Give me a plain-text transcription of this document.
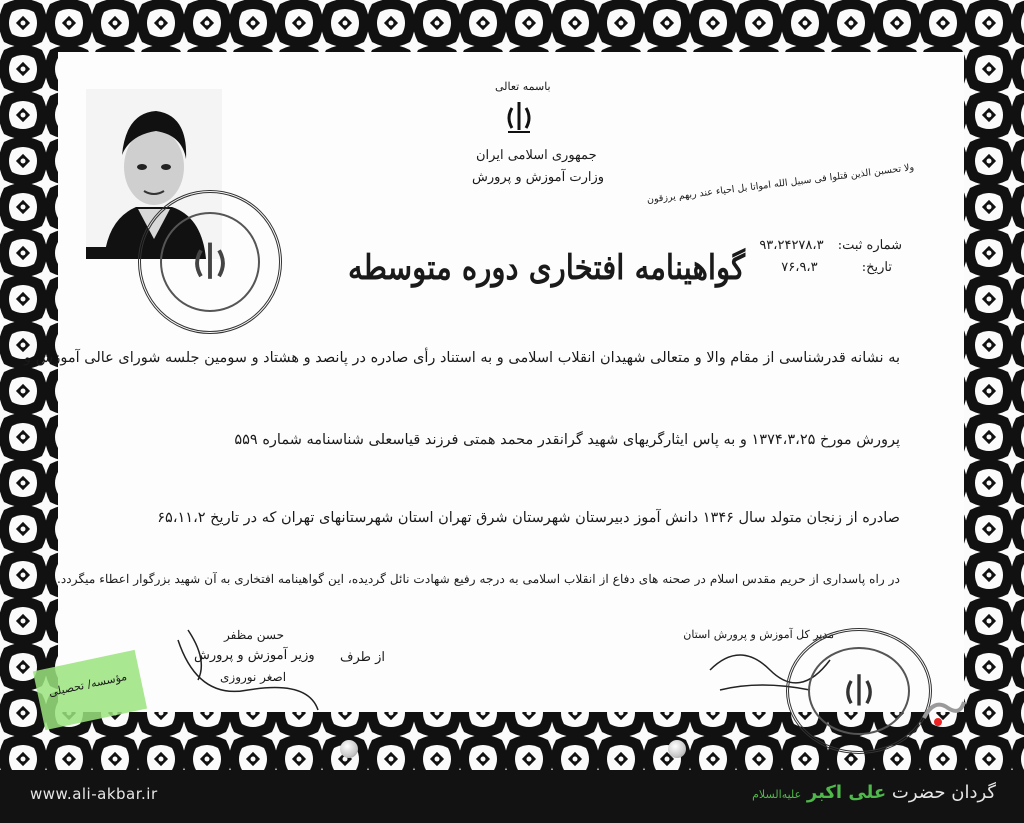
باسمه تعالی
جمهوری اسلامی ایران
وزارت آموزش و پرورش	ولا تحسبن الذین قتلوا فی سبیل الله امواتا بل احیاء عند ربهم یرزقون
شماره ثبت: ۹۳،۲۴۲۷۸،۳
تاریخ: ۷۶،۹،۳
گواهینامه افتخاری دوره متوسطه
به نشانه قدرشناسی از مقام والا و متعالی شهیدان انقلاب اسلامی و به استناد رأی صادره در پانصد و هشتاد و سومین جلسه شورای عالی آموزش و
پرورش مورخ ۱۳۷۴،۳،۲۵ و به پاس ایثارگریهای شهید گرانقدر محمد همتی فرزند قیاسعلی شناسنامه شماره ۵۵۹
صادره از زنجان متولد سال ۱۳۴۶ دانش آموز دبیرستان شهرستان شرق تهران استان شهرستانهای تهران که در تاریخ ۶۵،۱۱،۲
در راه پاسداری از حریم مقدس اسلام در صحنه های دفاع از انقلاب اسلامی به درجه رفیع شهادت نائل گردیده، این گواهینامه افتخاری به آن شهید بزرگوار اعطاء میگردد.
حسن مظفر
وزیر آموزش و پرورش
اصغر نوروزی
از طرف
مدیر کل آموزش و پرورش استان
مؤسسه/ تحصیلی
www.ali-akbar.ir	گردان حضرت علی اکبر علیه‌السلام
